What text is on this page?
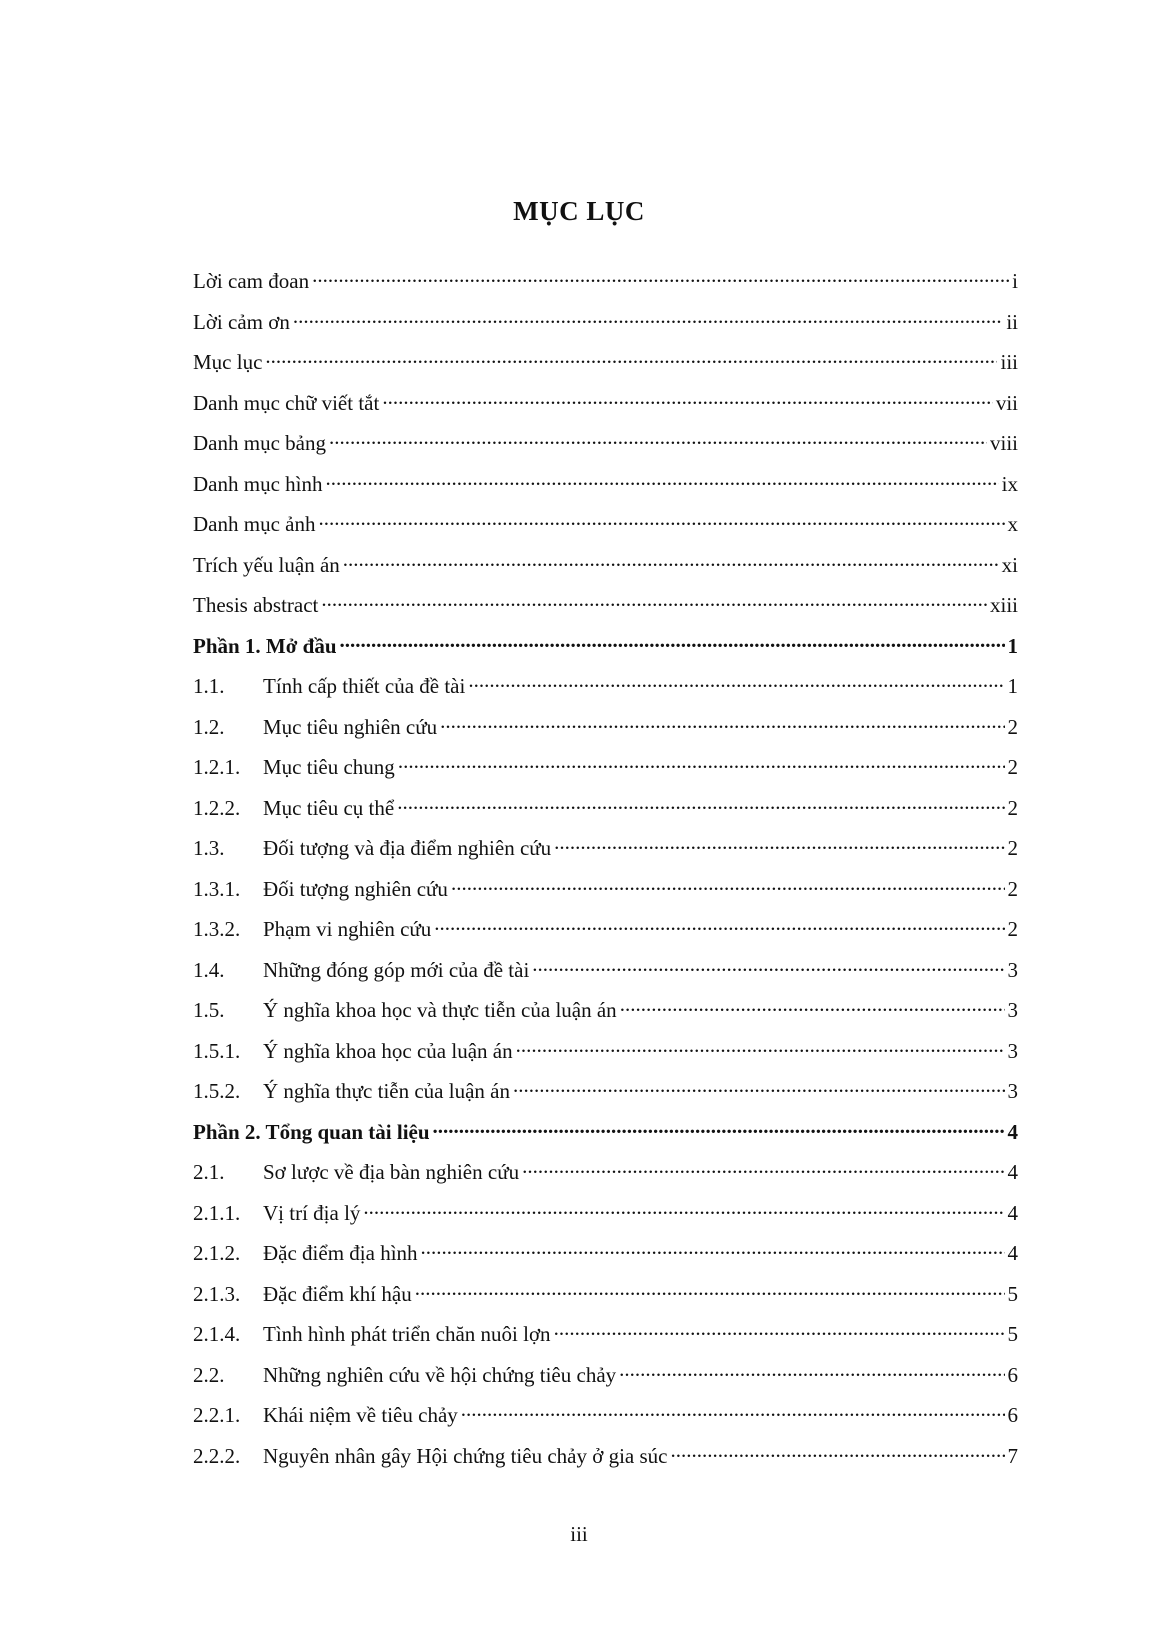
MỤC LỤC
Lời cam đoan .....	i
Lời cảm ơn .....	ii
Mục lục .....	iii
Danh mục chữ viết tắt .....	vii
Danh mục bảng .....	viii
Danh mục hình .....	ix
Danh mục ảnh .....	x
Trích yếu luận án .....	xi
Thesis abstract .....	xiii
Phần 1. Mở đầu .....	1
1.1.	Tính cấp thiết của đề tài .....	1
1.2.	Mục tiêu nghiên cứu .....	2
1.2.1.	Mục tiêu chung .....	2
1.2.2.	Mục tiêu cụ thể .....	2
1.3.	Đối tượng và địa điểm nghiên cứu .....	2
1.3.1.	Đối tượng nghiên cứu .....	2
1.3.2.	Phạm vi nghiên cứu .....	2
1.4.	Những đóng góp mới của đề tài .....	3
1.5.	Ý nghĩa khoa học và thực tiễn của luận án .....	3
1.5.1.	Ý nghĩa khoa học của luận án .....	3
1.5.2.	Ý nghĩa thực tiễn của luận án .....	3
Phần 2. Tổng quan tài liệu .....	4
2.1.	Sơ lược về địa bàn nghiên cứu .....	4
2.1.1.	Vị trí địa lý .....	4
2.1.2.	Đặc điểm địa hình .....	4
2.1.3.	Đặc điểm khí hậu .....	5
2.1.4.	Tình hình phát triển chăn nuôi lợn .....	5
2.2.	Những nghiên cứu về hội chứng tiêu chảy .....	6
2.2.1.	Khái niệm về tiêu chảy .....	6
2.2.2.	Nguyên nhân gây Hội chứng tiêu chảy ở gia súc .....	7
iii
